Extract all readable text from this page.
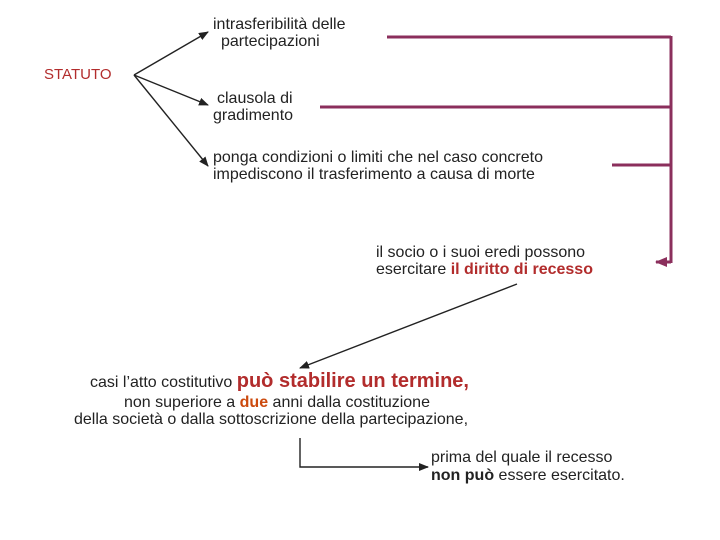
STATUTO
intrasferibilità delle
partecipazioni
clausola di
gradimento
ponga condizioni o limiti che nel caso concreto
impediscono il trasferimento a causa di morte
il socio o i suoi eredi possono
esercitare il diritto di recesso
casi l’atto costitutivo può stabilire un termine,
non superiore a due anni dalla costituzione
della società o dalla sottoscrizione della partecipazione,
prima del quale il recesso
non può essere esercitato.
